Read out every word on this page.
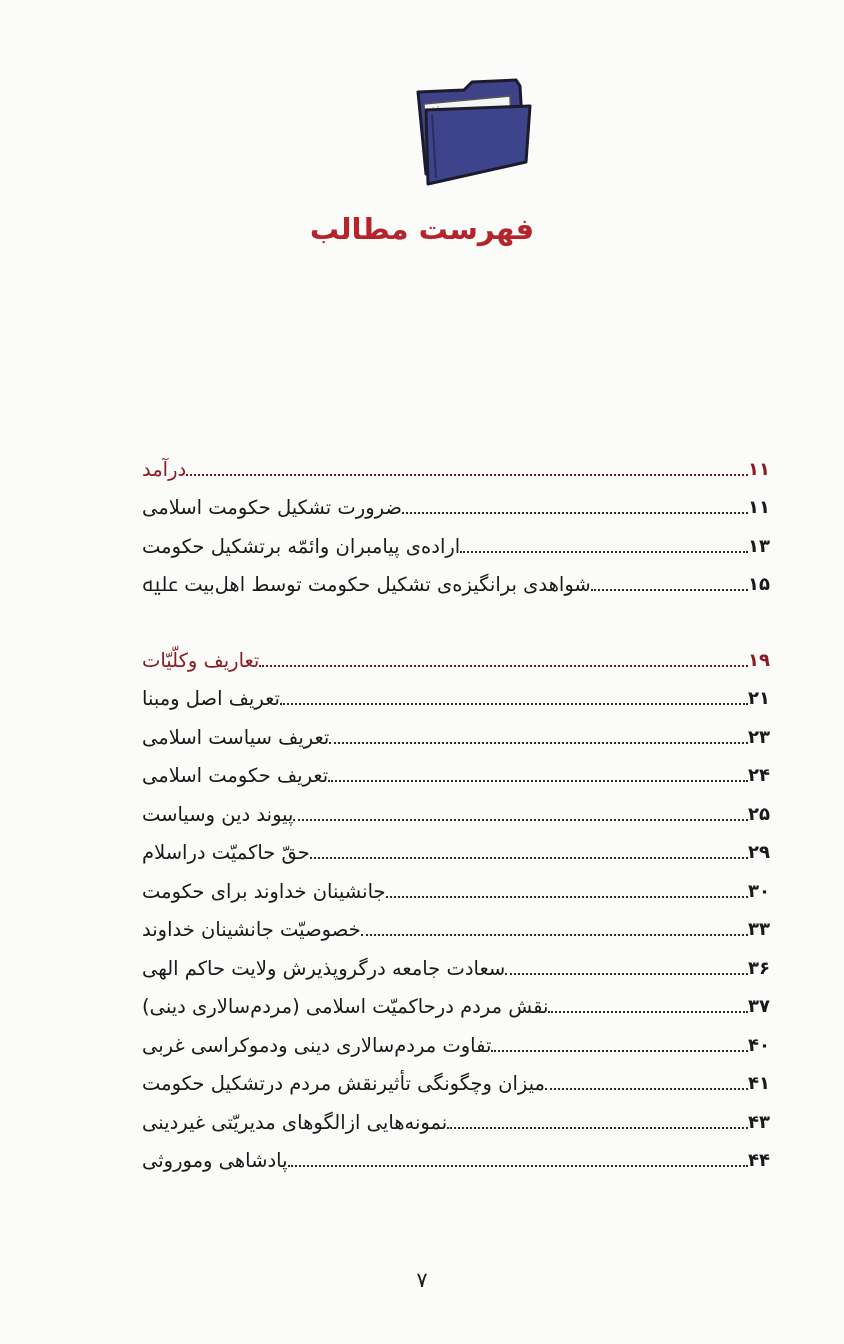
فهرست مطالب
درآمد	۱۱
ضرورت تشکیل حکومت اسلامی	۱۱
اراده‌ی پیامبران وائمّه برتشکیل حکومت	۱۳
شواهدی برانگیزه‌ی تشکیل حکومت توسط اهل‌بیت ﷷ	۱۵
تعاریف وکلّیّات	۱۹
تعریف اصل ومبنا	۲۱
تعریف سیاست اسلامی	۲۳
تعریف حکومت اسلامی	۲۴
پیوند دین وسیاست	۲۵
حقّ حاکمیّت دراسلام	۲۹
جانشینان خداوند برای حکومت	۳۰
خصوصیّت جانشینان خداوند	۳۳
سعادت جامعه درگروپذیرش ولایت حاکم الهی	۳۶
نقش مردم درحاکمیّت اسلامی (مردم‌سالاری دینی)	۳۷
تفاوت مردم‌سالاری دینی ودموکراسی غربی	۴۰
میزان وچگونگی تأثیرنقش مردم درتشکیل حکومت	۴۱
نمونه‌هایی ازالگوهای مدیریّتی غیردینی	۴۳
پادشاهی وموروثی	۴۴
۷
